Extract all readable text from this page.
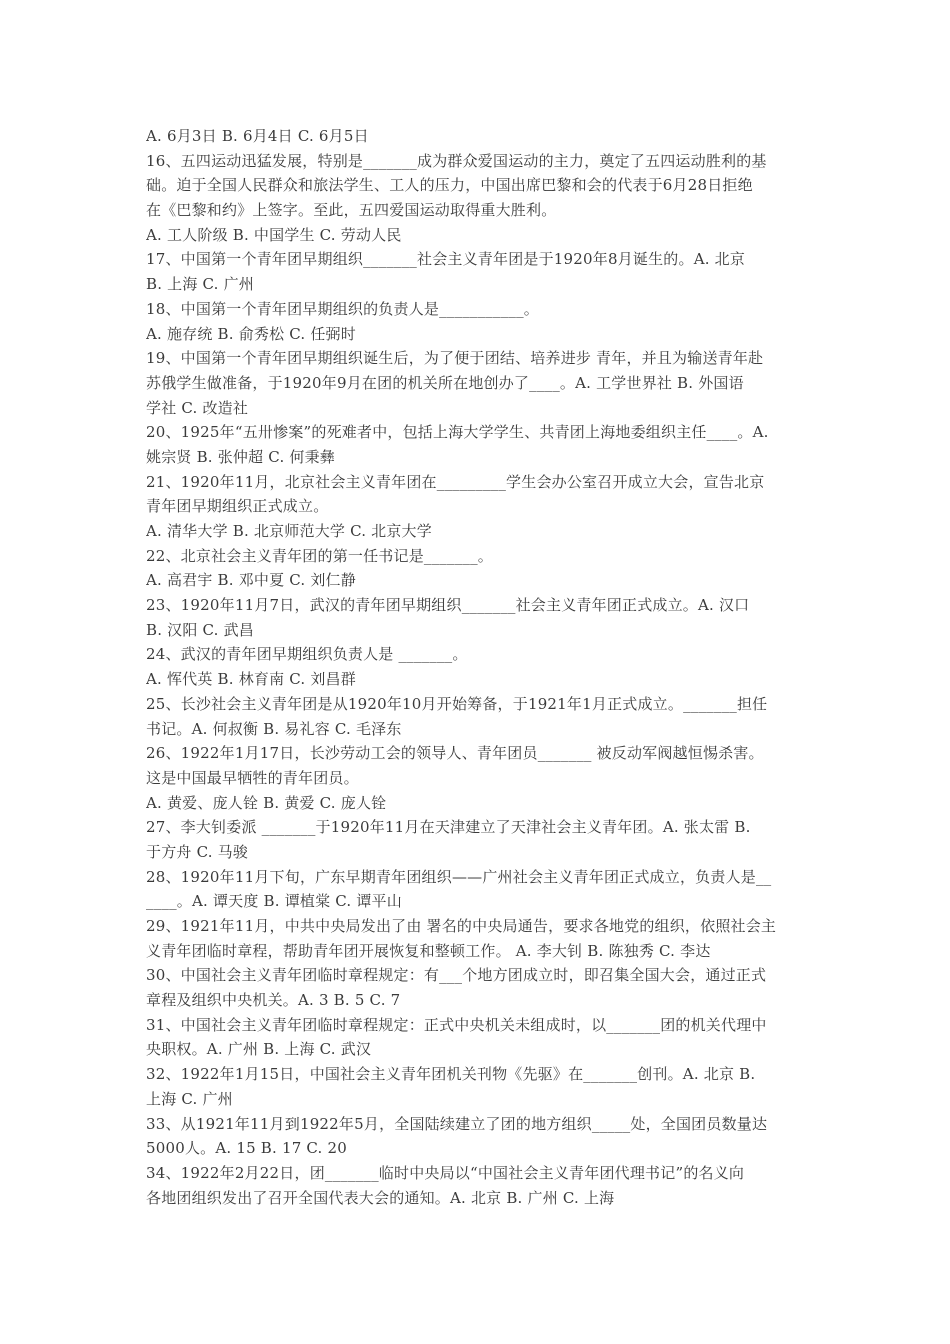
A. 6月3日 B. 6月4日 C. 6月5日
16、五四运动迅猛发展，特别是_______成为群众爱国运动的主力，奠定了五四运动胜利的基
础。迫于全国人民群众和旅法学生、工人的压力，中国出席巴黎和会的代表于6月28日拒绝
在《巴黎和约》上签字。至此，五四爱国运动取得重大胜利。
A. 工人阶级 B. 中国学生 C. 劳动人民
17、中国第一个青年团早期组织_______社会主义青年团是于1920年8月诞生的。A. 北京
B. 上海 C. 广州
18、中国第一个青年团早期组织的负责人是___________。
A. 施存统 B. 俞秀松 C. 任弼时
19、中国第一个青年团早期组织诞生后，为了便于团结、培养进步 青年，并且为输送青年赴
苏俄学生做准备，于1920年9月在团的机关所在地创办了____。A. 工学世界社 B. 外国语
学社 C. 改造社
20、1925年“五卅惨案”的死难者中，包括上海大学学生、共青团上海地委组织主任____。A.
姚宗贤 B. 张仲超 C. 何秉彝
21、1920年11月，北京社会主义青年团在_________学生会办公室召开成立大会，宣告北京
青年团早期组织正式成立。
A. 清华大学 B. 北京师范大学 C. 北京大学
22、北京社会主义青年团的第一任书记是_______。
A. 高君宇 B. 邓中夏 C. 刘仁静
23、1920年11月7日，武汉的青年团早期组织_______社会主义青年团正式成立。A. 汉口
B. 汉阳 C. 武昌
24、武汉的青年团早期组织负责人是 _______。
A. 恽代英 B. 林育南 C. 刘昌群
25、长沙社会主义青年团是从1920年10月开始筹备，于1921年1月正式成立。_______担任
书记。A. 何叔衡 B. 易礼容 C. 毛泽东
26、1922年1月17日，长沙劳动工会的领导人、青年团员_______ 被反动军阀越恒惕杀害。
这是中国最早牺牲的青年团员。
A. 黄爱、庞人铨 B. 黄爱 C. 庞人铨
27、李大钊委派 _______于1920年11月在天津建立了天津社会主义青年团。A. 张太雷 B.
于方舟 C. 马骏
28、1920年11月下旬，广东早期青年团组织——广州社会主义青年团正式成立，负责人是__
____。A. 谭天度 B. 谭植棠 C. 谭平山
29、1921年11月，中共中央局发出了由 署名的中央局通告，要求各地党的组织，依照社会主
义青年团临时章程，帮助青年团开展恢复和整顿工作。 A. 李大钊 B. 陈独秀 C. 李达
30、中国社会主义青年团临时章程规定：有___个地方团成立时，即召集全国大会，通过正式
章程及组织中央机关。A. 3 B. 5 C. 7
31、中国社会主义青年团临时章程规定：正式中央机关未组成时，以_______团的机关代理中
央职权。A. 广州 B. 上海 C. 武汉
32、1922年1月15日，中国社会主义青年团机关刊物《先驱》在_______创刊。A. 北京 B.
上海 C. 广州
33、从1921年11月到1922年5月，全国陆续建立了团的地方组织_____处，全国团员数量达
5000人。A. 15 B. 17 C. 20
34、1922年2月22日，团_______临时中央局以“中国社会主义青年团代理书记”的名义向
各地团组织发出了召开全国代表大会的通知。A. 北京 B. 广州 C. 上海
